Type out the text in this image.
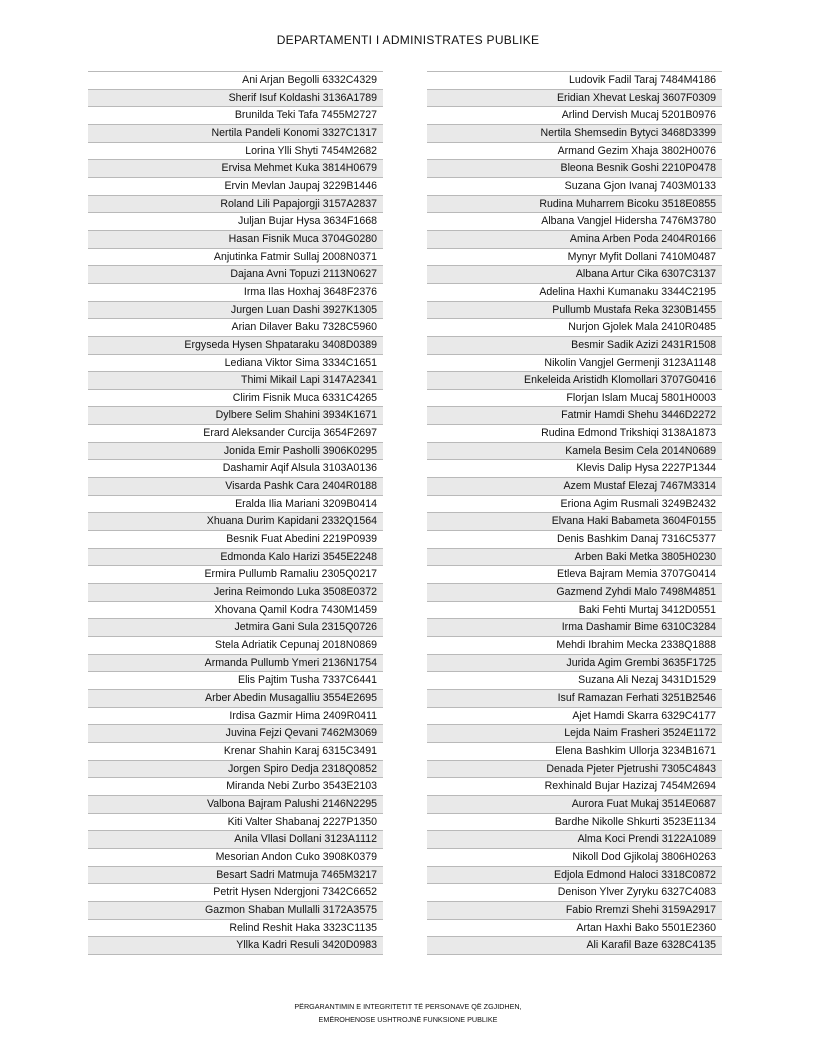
DEPARTAMENTI I ADMINISTRATES PUBLIKE
Ani Arjan Begolli 6332C4329
Sherif Isuf Koldashi 3136A1789
Brunilda Teki Tafa 7455M2727
Nertila Pandeli Konomi 3327C1317
Lorina Ylli Shyti 7454M2682
Ervisa Mehmet Kuka 3814H0679
Ervin Mevlan Jaupaj 3229B1446
Roland Lili Papajorgji 3157A2837
Juljan Bujar Hysa 3634F1668
Hasan Fisnik Muca 3704G0280
Anjutinka Fatmir Sullaj 2008N0371
Dajana Avni Topuzi 2113N0627
Irma Ilas Hoxhaj 3648F2376
Jurgen Luan Dashi 3927K1305
Arian Dilaver Baku 7328C5960
Ergyseda Hysen Shpataraku 3408D0389
Lediana Viktor Sima 3334C1651
Thimi Mikail Lapi 3147A2341
Clirim Fisnik Muca 6331C4265
Dylbere Selim Shahini 3934K1671
Erard Aleksander Curcija 3654F2697
Jonida Emir Pasholli 3906K0295
Dashamir Aqif Alsula 3103A0136
Visarda Pashk Cara 2404R0188
Eralda Ilia Mariani 3209B0414
Xhuana Durim Kapidani 2332Q1564
Besnik Fuat Abedini 2219P0939
Edmonda Kalo Harizi 3545E2248
Ermira Pullumb Ramaliu 2305Q0217
Jerina Reimondo Luka 3508E0372
Xhovana Qamil Kodra 7430M1459
Jetmira Gani Sula 2315Q0726
Stela Adriatik Cepunaj 2018N0869
Armanda Pullumb Ymeri 2136N1754
Elis Pajtim Tusha 7337C6441
Arber Abedin Musagalliu 3554E2695
Irdisa Gazmir Hima 2409R0411
Juvina Fejzi Qevani 7462M3069
Krenar Shahin Karaj 6315C3491
Jorgen Spiro Dedja 2318Q0852
Miranda Nebi Zurbo 3543E2103
Valbona Bajram Palushi 2146N2295
Kiti Valter Shabanaj 2227P1350
Anila Vllasi Dollani 3123A1112
Mesorian Andon Cuko 3908K0379
Besart Sadri Matmuja 7465M3217
Petrit Hysen Ndergjoni 7342C6652
Gazmon Shaban Mullalli 3172A3575
Relind Reshit Haka 3323C1135
Yllka Kadri Resuli 3420D0983
Ludovik Fadil Taraj 7484M4186
Eridian Xhevat Leskaj 3607F0309
Arlind Dervish Mucaj 5201B0976
Nertila Shemsedin Bytyci 3468D3399
Armand Gezim Xhaja 3802H0076
Bleona Besnik Goshi 2210P0478
Suzana Gjon Ivanaj 7403M0133
Rudina Muharrem Bicoku 3518E0855
Albana Vangjel Hidersha 7476M3780
Amina Arben Poda 2404R0166
Mynyr Myfit Dollani 7410M0487
Albana Artur Cika 6307C3137
Adelina Haxhi Kumanaku 3344C2195
Pullumb Mustafa Reka 3230B1455
Nurjon Gjolek Mala 2410R0485
Besmir Sadik Azizi 2431R1508
Nikolin Vangjel Germenji 3123A1148
Enkeleida Aristidh Klomollari 3707G0416
Florjan Islam Mucaj 5801H0003
Fatmir Hamdi Shehu 3446D2272
Rudina Edmond Trikshiqi 3138A1873
Kamela Besim Cela 2014N0689
Klevis Dalip Hysa 2227P1344
Azem Mustaf Elezaj 7467M3314
Eriona Agim Rusmali 3249B2432
Elvana Haki Babameta 3604F0155
Denis Bashkim Danaj 7316C5377
Arben Baki Metka 3805H0230
Etleva Bajram Memia 3707G0414
Gazmend Zyhdi Malo 7498M4851
Baki Fehti Murtaj 3412D0551
Irma Dashamir Bime 6310C3284
Mehdi Ibrahim Mecka 2338Q1888
Jurida Agim Grembi 3635F1725
Suzana Ali Nezaj 3431D1529
Isuf Ramazan Ferhati 3251B2546
Ajet Hamdi Skarra 6329C4177
Lejda Naim Frasheri 3524E1172
Elena Bashkim Ullorja 3234B1671
Denada Pjeter Pjetrushi 7305C4843
Rexhinald Bujar Hazizaj 7454M2694
Aurora Fuat Mukaj 3514E0687
Bardhe Nikolle Shkurti 3523E1134
Alma Koci Prendi 3122A1089
Nikoll Dod Gjikolaj 3806H0263
Edjola Edmond Haloci 3318C0872
Denison Ylver Zyryku 6327C4083
Fabio Rremzi Shehi 3159A2917
Artan Haxhi Bako 5501E2360
Ali Karafil Baze 6328C4135
PËRGARANTIMIN E INTEGRITETIT TË PERSONAVE QË ZGJIDHEN,
EMËROHENOSE USHTROJNË FUNKSIONE PUBLIKE
